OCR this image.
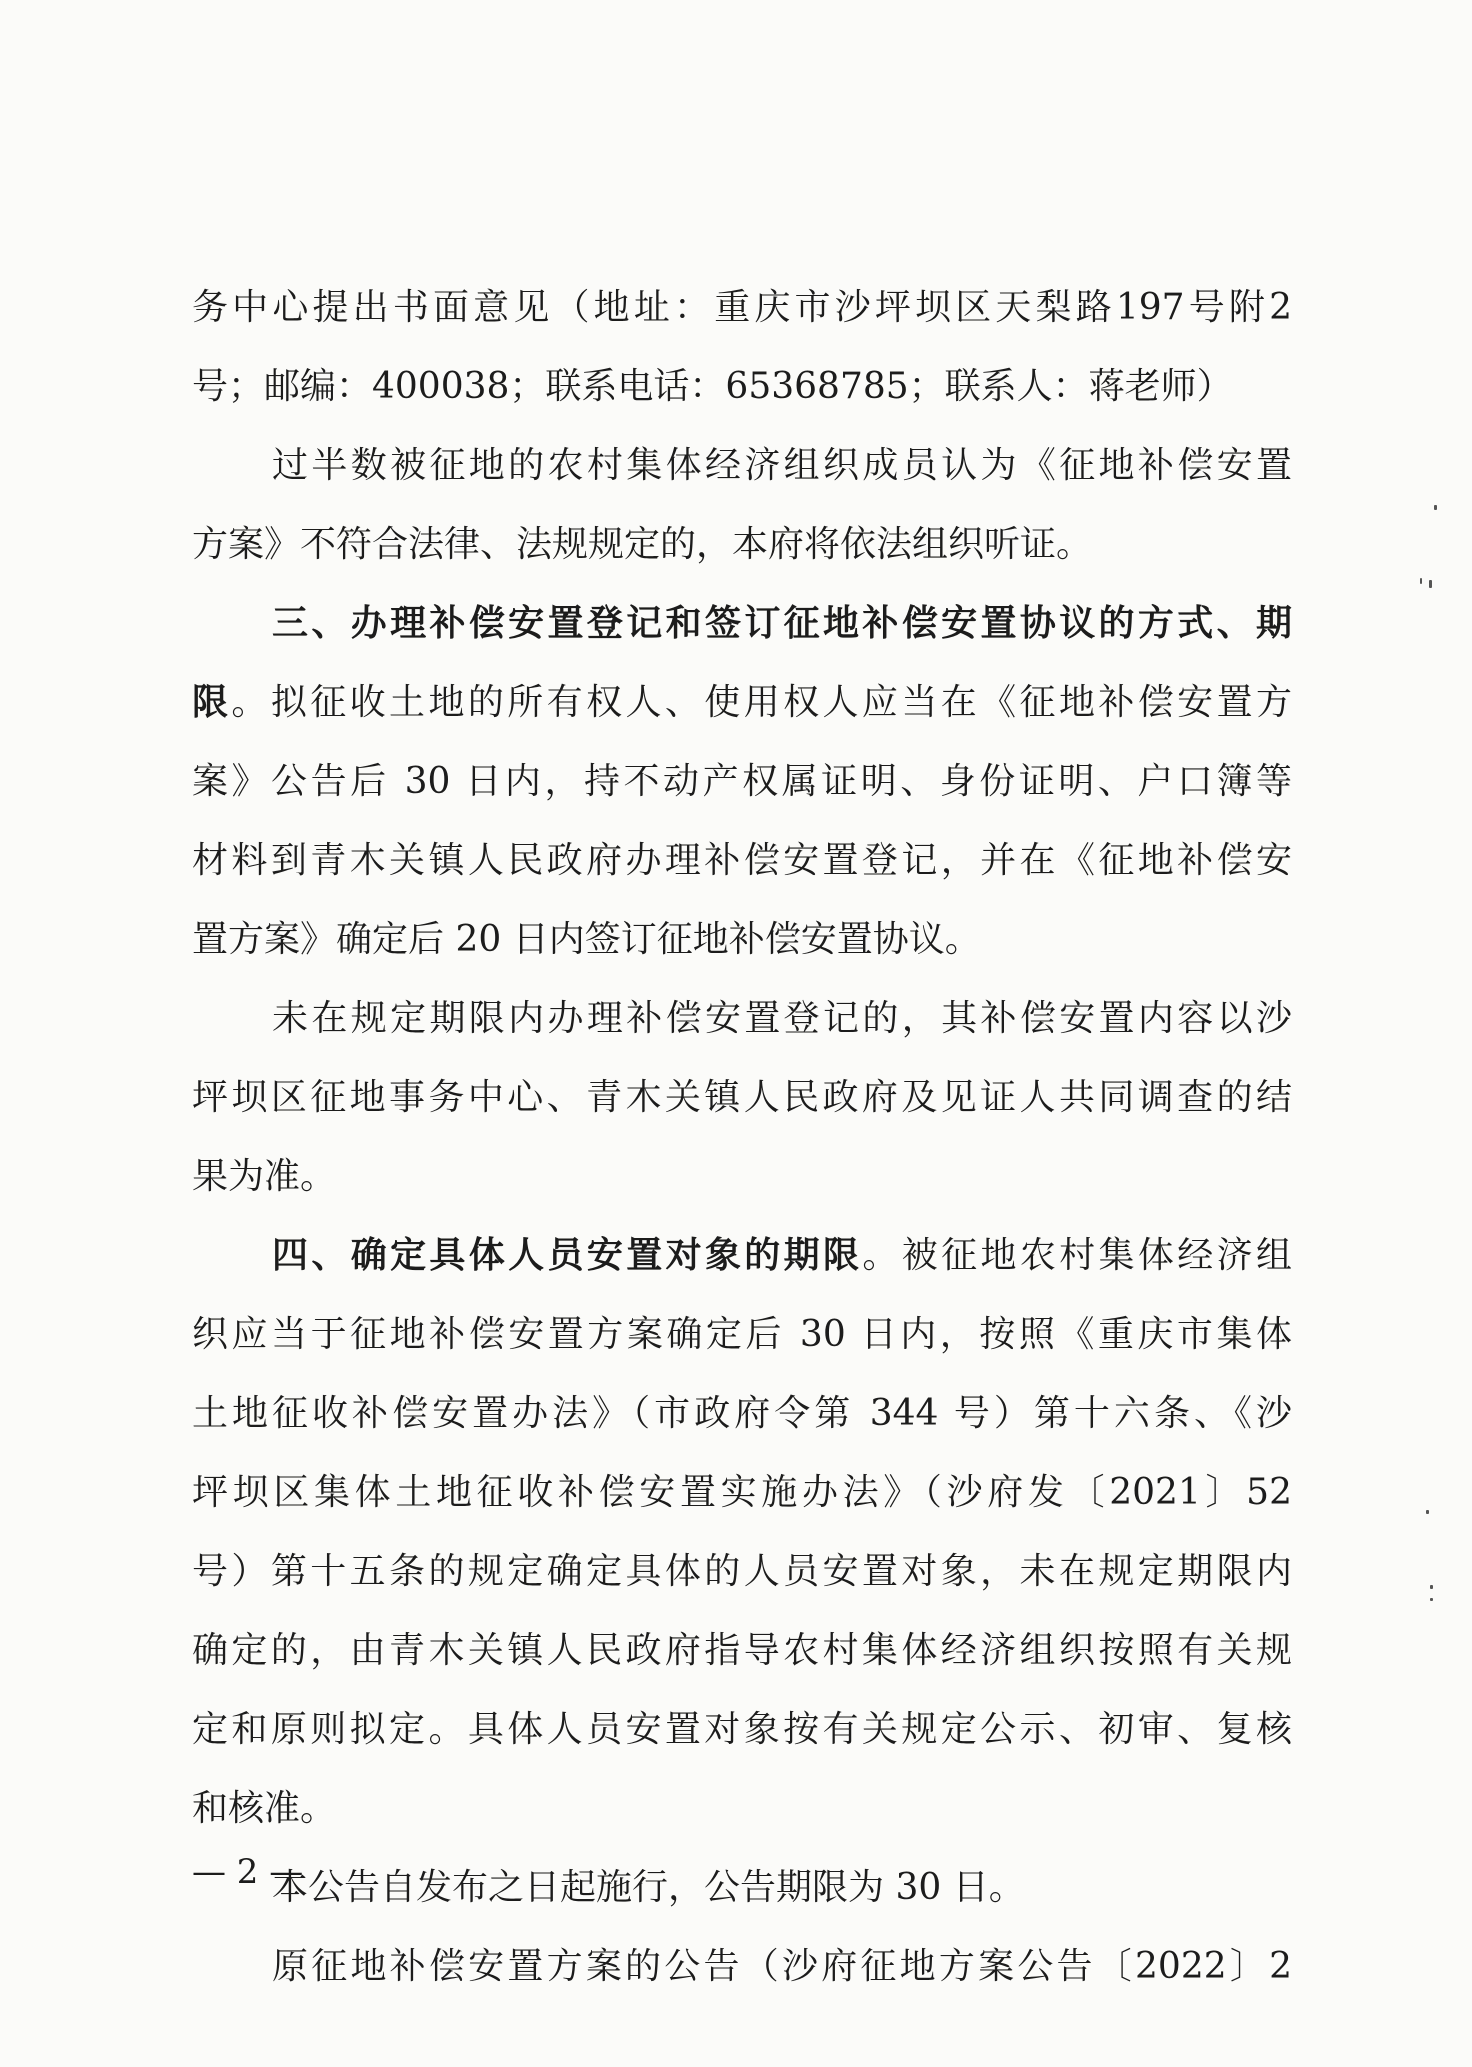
务中心提出书面意见（地址：重庆市沙坪坝区天梨路197号附2
号；邮编：400038；联系电话：65368785；联系人：蒋老师）
过半数被征地的农村集体经济组织成员认为《征地补偿安置
方案》不符合法律、法规规定的，本府将依法组织听证。
三、办理补偿安置登记和签订征地补偿安置协议的方式、期
限。拟征收土地的所有权人、使用权人应当在《征地补偿安置方
案》公告后 30 日内，持不动产权属证明、身份证明、户口簿等
材料到青木关镇人民政府办理补偿安置登记，并在《征地补偿安
置方案》确定后 20 日内签订征地补偿安置协议。
未在规定期限内办理补偿安置登记的，其补偿安置内容以沙
坪坝区征地事务中心、青木关镇人民政府及见证人共同调查的结
果为准。
四、确定具体人员安置对象的期限。被征地农村集体经济组
织应当于征地补偿安置方案确定后 30 日内，按照《重庆市集体
土地征收补偿安置办法》（市政府令第 344 号）第十六条、《沙
坪坝区集体土地征收补偿安置实施办法》（沙府发〔2021〕52
号）第十五条的规定确定具体的人员安置对象，未在规定期限内
确定的，由青木关镇人民政府指导农村集体经济组织按照有关规
定和原则拟定。具体人员安置对象按有关规定公示、初审、复核
和核准。
本公告自发布之日起施行，公告期限为 30 日。
原征地补偿安置方案的公告（沙府征地方案公告〔2022〕2
— 2 —
